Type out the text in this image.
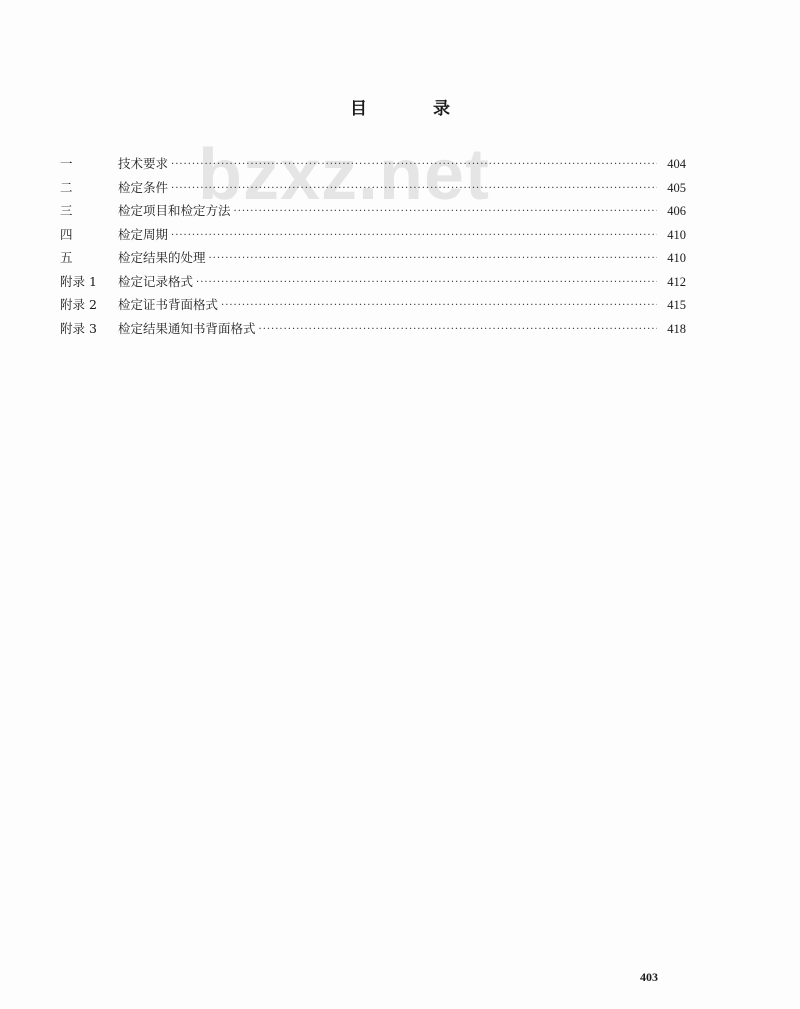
目	录
bzxz.net
一	技术要求 ·····	404
二	检定条件 ·····	405
三	检定项目和检定方法 ·····	406
四	检定周期 ·····	410
五	检定结果的处理 ·····	410
附录 1	检定记录格式 ·····	412
附录 2	检定证书背面格式 ·····	415
附录 3	检定结果通知书背面格式 ·····	418
403
